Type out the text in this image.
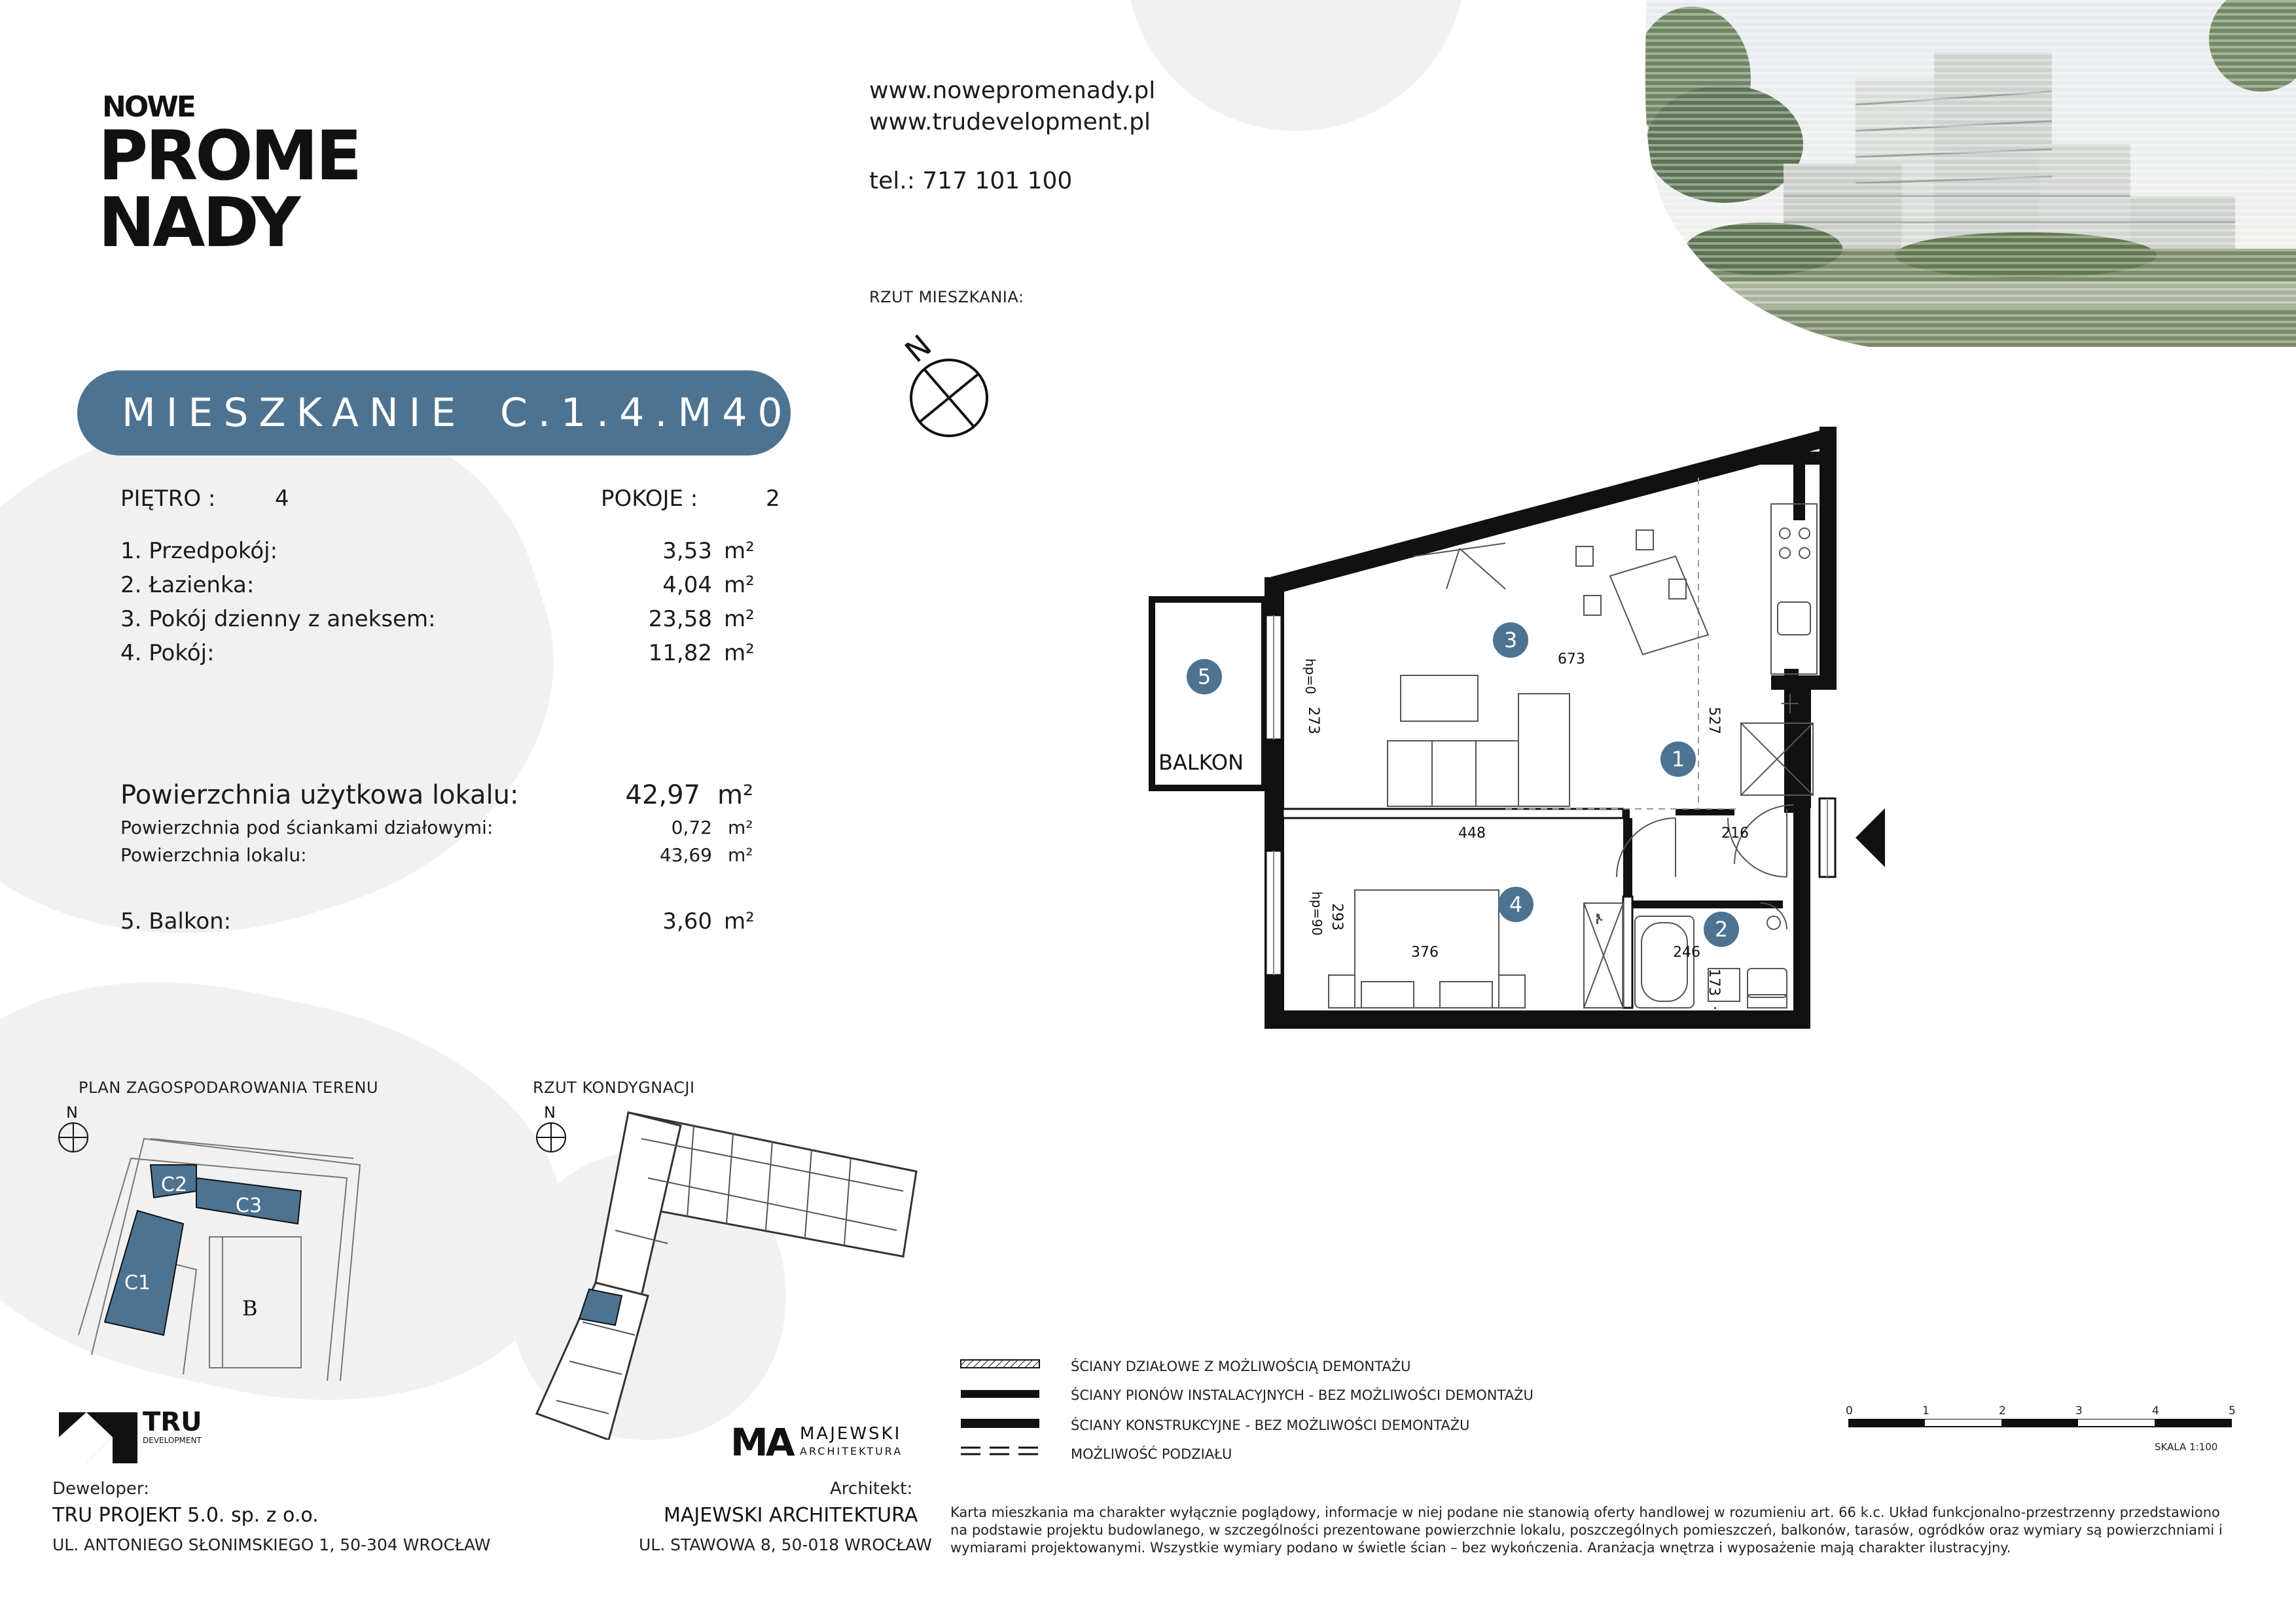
NOWE
PROME
NADY
www.nowepromenady.pl
www.trudevelopment.pl
tel.: 717 101 100
RZUT MIESZKANIA:
N
MIESZKANIE C.1.4.M40
PIĘTRO :	4	POKOJE :	2
1. Przedpokój:	3,53 m²
2. Łazienka:	4,04 m²
3. Pokój dzienny z aneksem:	23,58 m²
4. Pokój:	11,82 m²
Powierzchnia użytkowa lokalu:	42,97 m²
Powierzchnia pod ściankami działowymi:	0,72 m²
Powierzchnia lokalu:	43,69 m²
5. Balkon:	3,60 m²
673
273	527
448	216
293
376	246
173
hp=0
hp=90
BALKON	1
2
3
4
5
PLAN ZAGOSPODAROWANIA TERENU
N
C2
C3
C1
B
RZUT KONDYGNACJI
N
ŚCIANY DZIAŁOWE Z MOŻLIWOŚCIĄ DEMONTAŻU
ŚCIANY PIONÓW INSTALACYJNYCH - BEZ MOŻLIWOŚCI DEMONTAŻU
ŚCIANY KONSTRUKCYJNE - BEZ MOŻLIWOŚCI DEMONTAŻU
MOŻLIWOŚĆ PODZIAŁU
0	1	2	3	4	5
SKALA 1:100
Karta mieszkania ma charakter wyłącznie poglądowy, informacje w niej podane nie stanowią oferty handlowej w rozumieniu art. 66 k.c. Układ funkcjonalno-przestrzenny przedstawiono na podstawie projektu budowlanego, w szczególności prezentowane powierzchnie lokalu, poszczególnych pomieszczeń, balkonów, tarasów, ogródków oraz wymiary są powierzchniami i wymiarami projektowanymi. Wszystkie wymiary podano w świetle ścian – bez wykończenia. Aranżacja wnętrza i wyposażenie mają charakter ilustracyjny.
TRU
DEVELOPMENT
Deweloper:
TRU PROJEKT 5.0. sp. z o.o.
UL. ANTONIEGO SŁONIMSKIEGO 1, 50-304 WROCŁAW
MA MAJEWSKI
ARCHITEKTURA
Architekt:
MAJEWSKI ARCHITEKTURA
UL. STAWOWA 8, 50-018 WROCŁAW
